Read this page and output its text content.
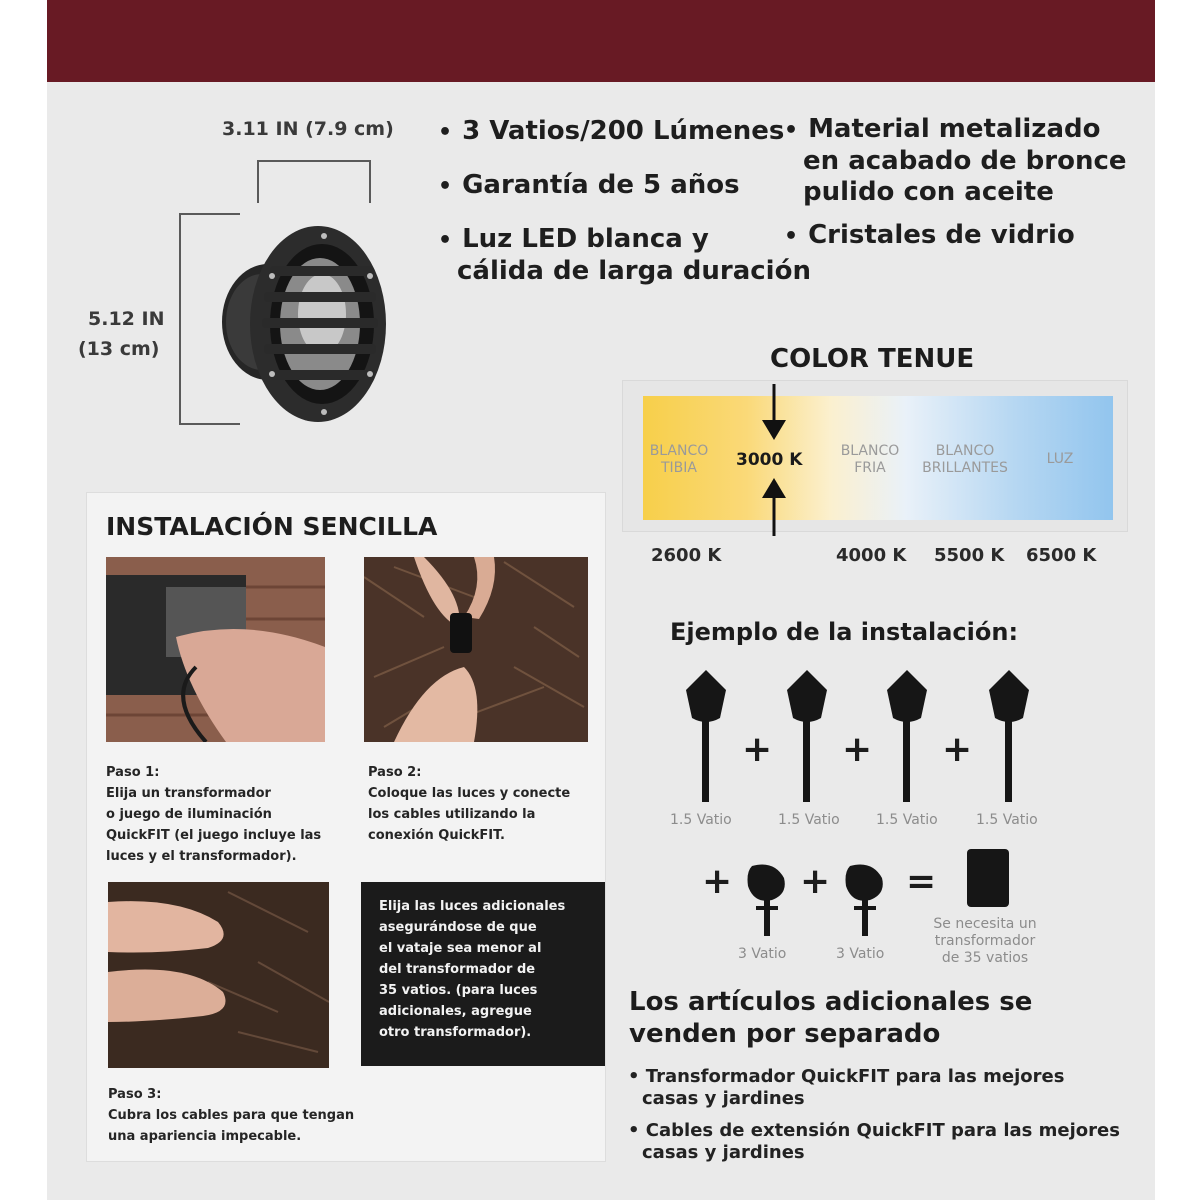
3.11 IN (7.9 cm)
5.12 IN
(13 cm)
• 3 Vatios/200 Lúmenes
• Garantía de 5 años
• Luz LED blanca y
cálida de larga duración
• Material metalizado
en acabado de bronce
pulido con aceite
• Cristales de vidrio
COLOR TENUE
BLANCO
TIBIA	3000 K	BLANCO
FRIA
BLANCO
BRILLANTES
LUZ
2600 K	4000 K 5500 K 6500 K
INSTALACIÓN SENCILLA
Paso 1:
Elija un transformador
o juego de iluminación
QuickFIT (el juego incluye las
luces y el transformador).
Paso 2:
Coloque las luces y conecte
los cables utilizando la
conexión QuickFIT.
Elija las luces adicionales
asegurándose de que
el vataje sea menor al
del transformador de
35 vatios. (para luces
adicionales, agregue
otro transformador).
Paso 3:
Cubra los cables para que tengan
una apariencia impecable.
Ejemplo de la instalación:
+ + +
1.5 Vatio	1.5 Vatio	1.5 Vatio	1.5 Vatio
+ + =
3 Vatio	3 Vatio
Se necesita un
transformador
de 35 vatios
Los artículos adicionales se
venden por separado
• Transformador QuickFIT para las mejores
casas y jardines
• Cables de extensión QuickFIT para las mejores
casas y jardines
